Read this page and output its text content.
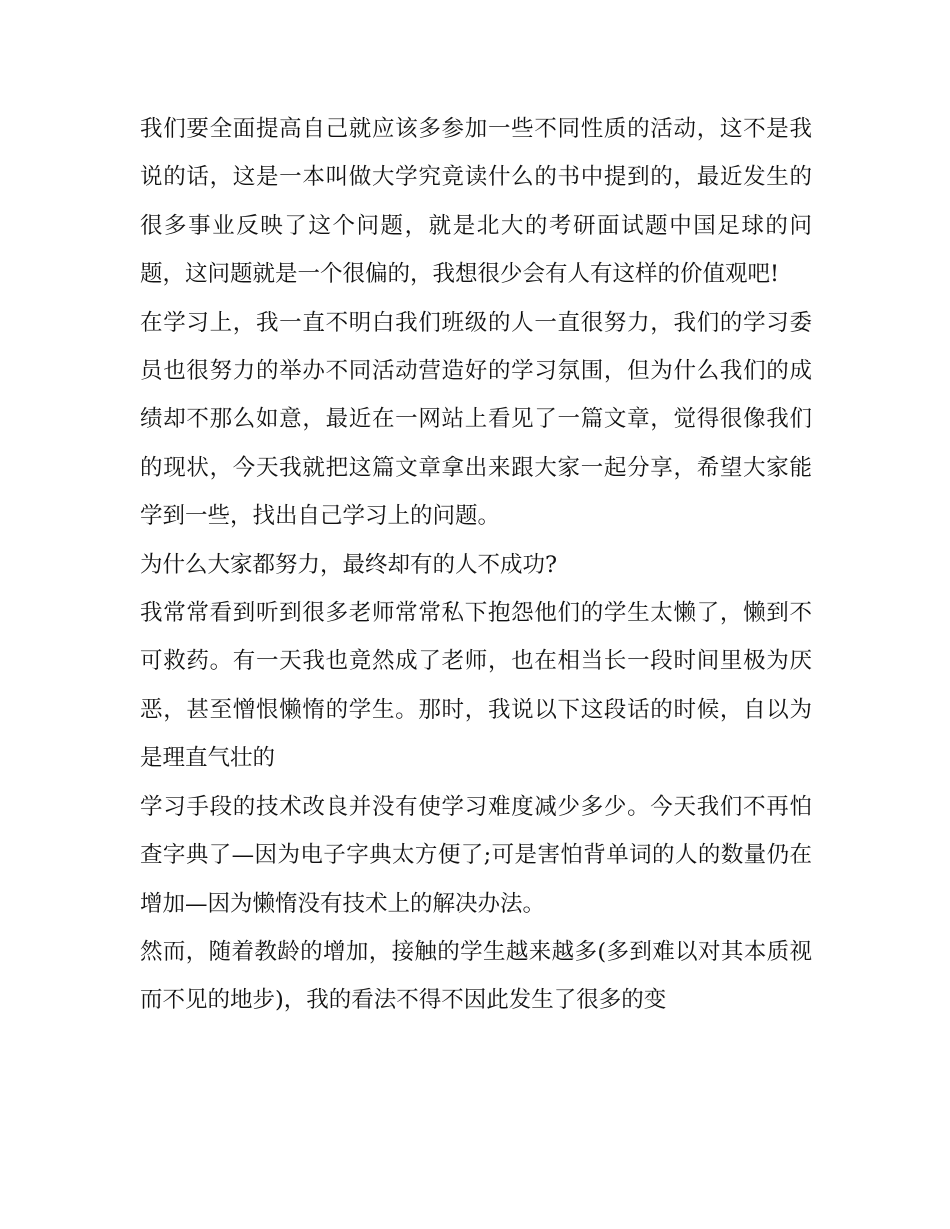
我们要全面提高自己就应该多参加一些不同性质的活动，这不是我说的话，这是一本叫做大学究竟读什么的书中提到的，最近发生的很多事业反映了这个问题，就是北大的考研面试题中国足球的问题，这问题就是一个很偏的，我想很少会有人有这样的价值观吧!

在学习上，我一直不明白我们班级的人一直很努力，我们的学习委员也很努力的举办不同活动营造好的学习氛围，但为什么我们的成绩却不那么如意，最近在一网站上看见了一篇文章，觉得很像我们的现状，今天我就把这篇文章拿出来跟大家一起分享，希望大家能学到一些，找出自己学习上的问题。

为什么大家都努力，最终却有的人不成功?

我常常看到听到很多老师常常私下抱怨他们的学生太懒了，懒到不可救药。有一天我也竟然成了老师，也在相当长一段时间里极为厌恶，甚至憎恨懒惰的学生。那时，我说以下这段话的时候，自以为是理直气壮的

学习手段的技术改良并没有使学习难度减少多少。今天我们不再怕查字典了—因为电子字典太方便了;可是害怕背单词的人的数量仍在增加—因为懒惰没有技术上的解决办法。

然而，随着教龄的增加，接触的学生越来越多(多到难以对其本质视而不见的地步)，我的看法不得不因此发生了很多的变
